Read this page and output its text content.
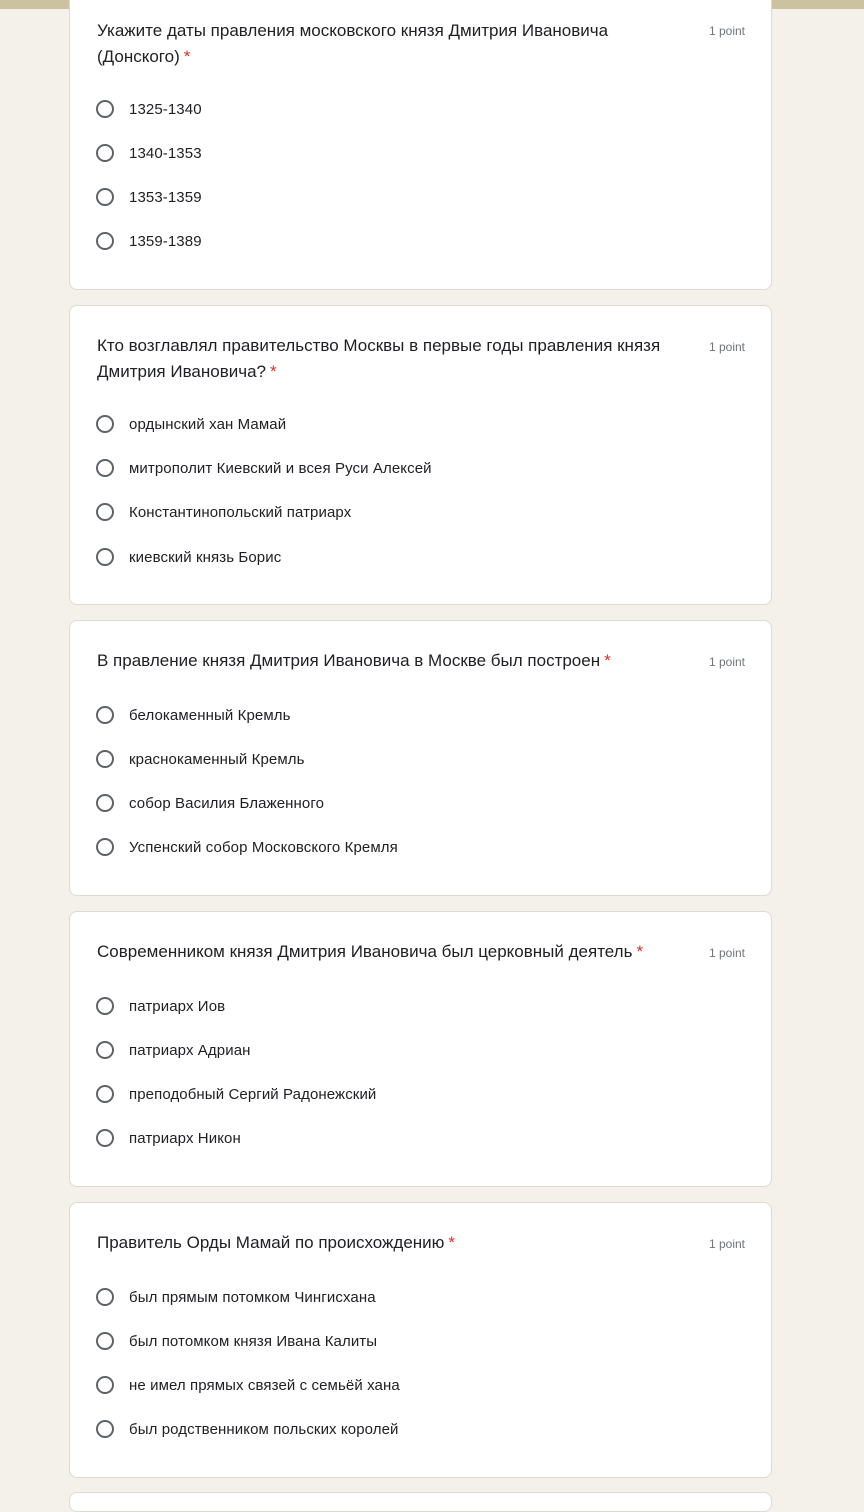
Укажите даты правления московского князя Дмитрия Ивановича (Донского) *
1 point
1325-1340
1340-1353
1353-1359
1359-1389
Кто возглавлял правительство Москвы в первые годы правления князя Дмитрия Ивановича? *
1 point
ордынский хан Мамай
митрополит Киевский и всея Руси Алексей
Константинопольский патриарх
киевский князь Борис
В правление князя Дмитрия Ивановича в Москве был построен *	1 point
белокаменный Кремль
краснокаменный Кремль
собор Василия Блаженного
Успенский собор Московского Кремля
Современником князя Дмитрия Ивановича был церковный деятель *	1 point
патриарх Иов
патриарх Адриан
преподобный Сергий Радонежский
патриарх Никон
Правитель Орды Мамай по происхождению *	1 point
был прямым потомком Чингисхана
был потомком князя Ивана Калиты
не имел прямых связей с семьёй хана
был родственником польских королей
